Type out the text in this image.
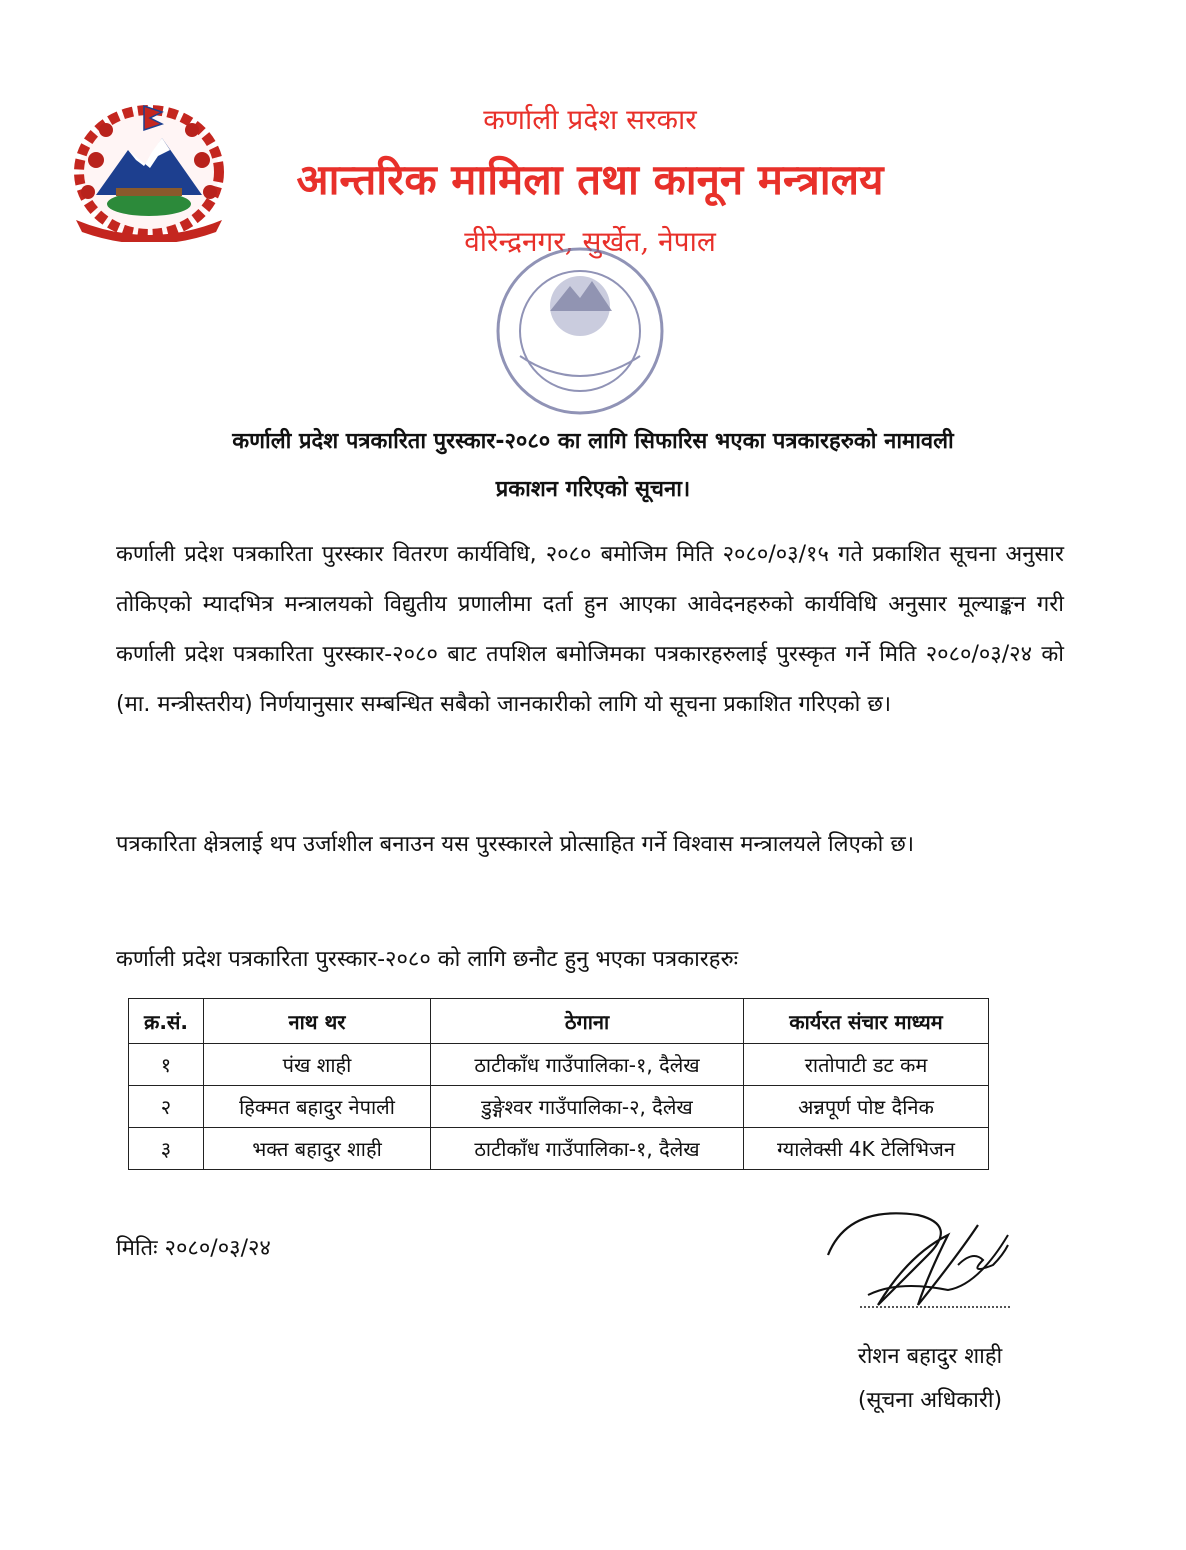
कर्णाली प्रदेश सरकार
आन्तरिक मामिला तथा कानून मन्त्रालय
वीरेन्द्रनगर, सुर्खेत, नेपाल
कर्णाली प्रदेश पत्रकारिता पुरस्कार-२०८० का लागि सिफारिस भएका पत्रकारहरुको नामावली
प्रकाशन गरिएको सूचना।
कर्णाली प्रदेश पत्रकारिता पुरस्कार वितरण कार्यविधि, २०८० बमोजिम मिति २०८०/०३/१५ गते प्रकाशित सूचना अनुसार तोकिएको म्यादभित्र मन्त्रालयको विद्युतीय प्रणालीमा दर्ता हुन आएका आवेदनहरुको कार्यविधि अनुसार मूल्याङ्कन गरी कर्णाली प्रदेश पत्रकारिता पुरस्कार-२०८० बाट तपशिल बमोजिमका पत्रकारहरुलाई पुरस्कृत गर्ने मिति २०८०/०३/२४ को (मा. मन्त्रीस्तरीय) निर्णयानुसार सम्बन्धित सबैको जानकारीको लागि यो सूचना प्रकाशित गरिएको छ।
पत्रकारिता क्षेत्रलाई थप उर्जाशील बनाउन यस पुरस्कारले प्रोत्साहित गर्ने विश्वास मन्त्रालयले लिएको छ।
कर्णाली प्रदेश पत्रकारिता पुरस्कार-२०८० को लागि छनौट हुनु भएका पत्रकारहरुः
क्र.सं.	नाथ थर	ठेगाना	कार्यरत संचार माध्यम
१	पंख शाही	ठाटीकाँध गाउँपालिका-१, दैलेख	रातोपाटी डट कम
२	हिक्मत बहादुर नेपाली	डुङ्गेश्वर गाउँपालिका-२, दैलेख	अन्नपूर्ण पोष्ट दैनिक
३	भक्त बहादुर शाही	ठाटीकाँध गाउँपालिका-१, दैलेख	ग्यालेक्सी 4K टेलिभिजन
मितिः २०८०/०३/२४
रोशन बहादुर शाही
(सूचना अधिकारी)
